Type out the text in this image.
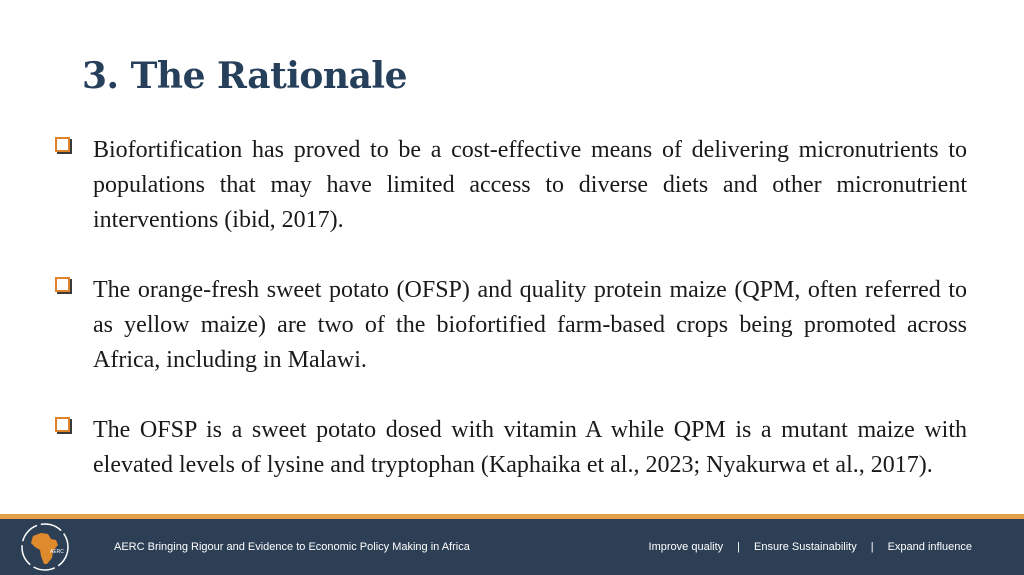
3. The Rationale
Biofortification has proved to be a cost-effective means of delivering micronutrients to populations that may have limited access to diverse diets and other micronutrient interventions (ibid, 2017).
The orange-fresh sweet potato (OFSP) and quality protein maize (QPM, often referred to as yellow maize) are two of the biofortified farm-based crops being promoted across Africa, including in Malawi.
The OFSP is a sweet potato dosed with vitamin A while QPM is a mutant maize with elevated levels of lysine and tryptophan (Kaphaika et al., 2023; Nyakurwa et al., 2017).
AERC	AERC Bringing Rigour and Evidence to Economic Policy Making in Africa	Improve quality | Ensure Sustainability | Expand influence
